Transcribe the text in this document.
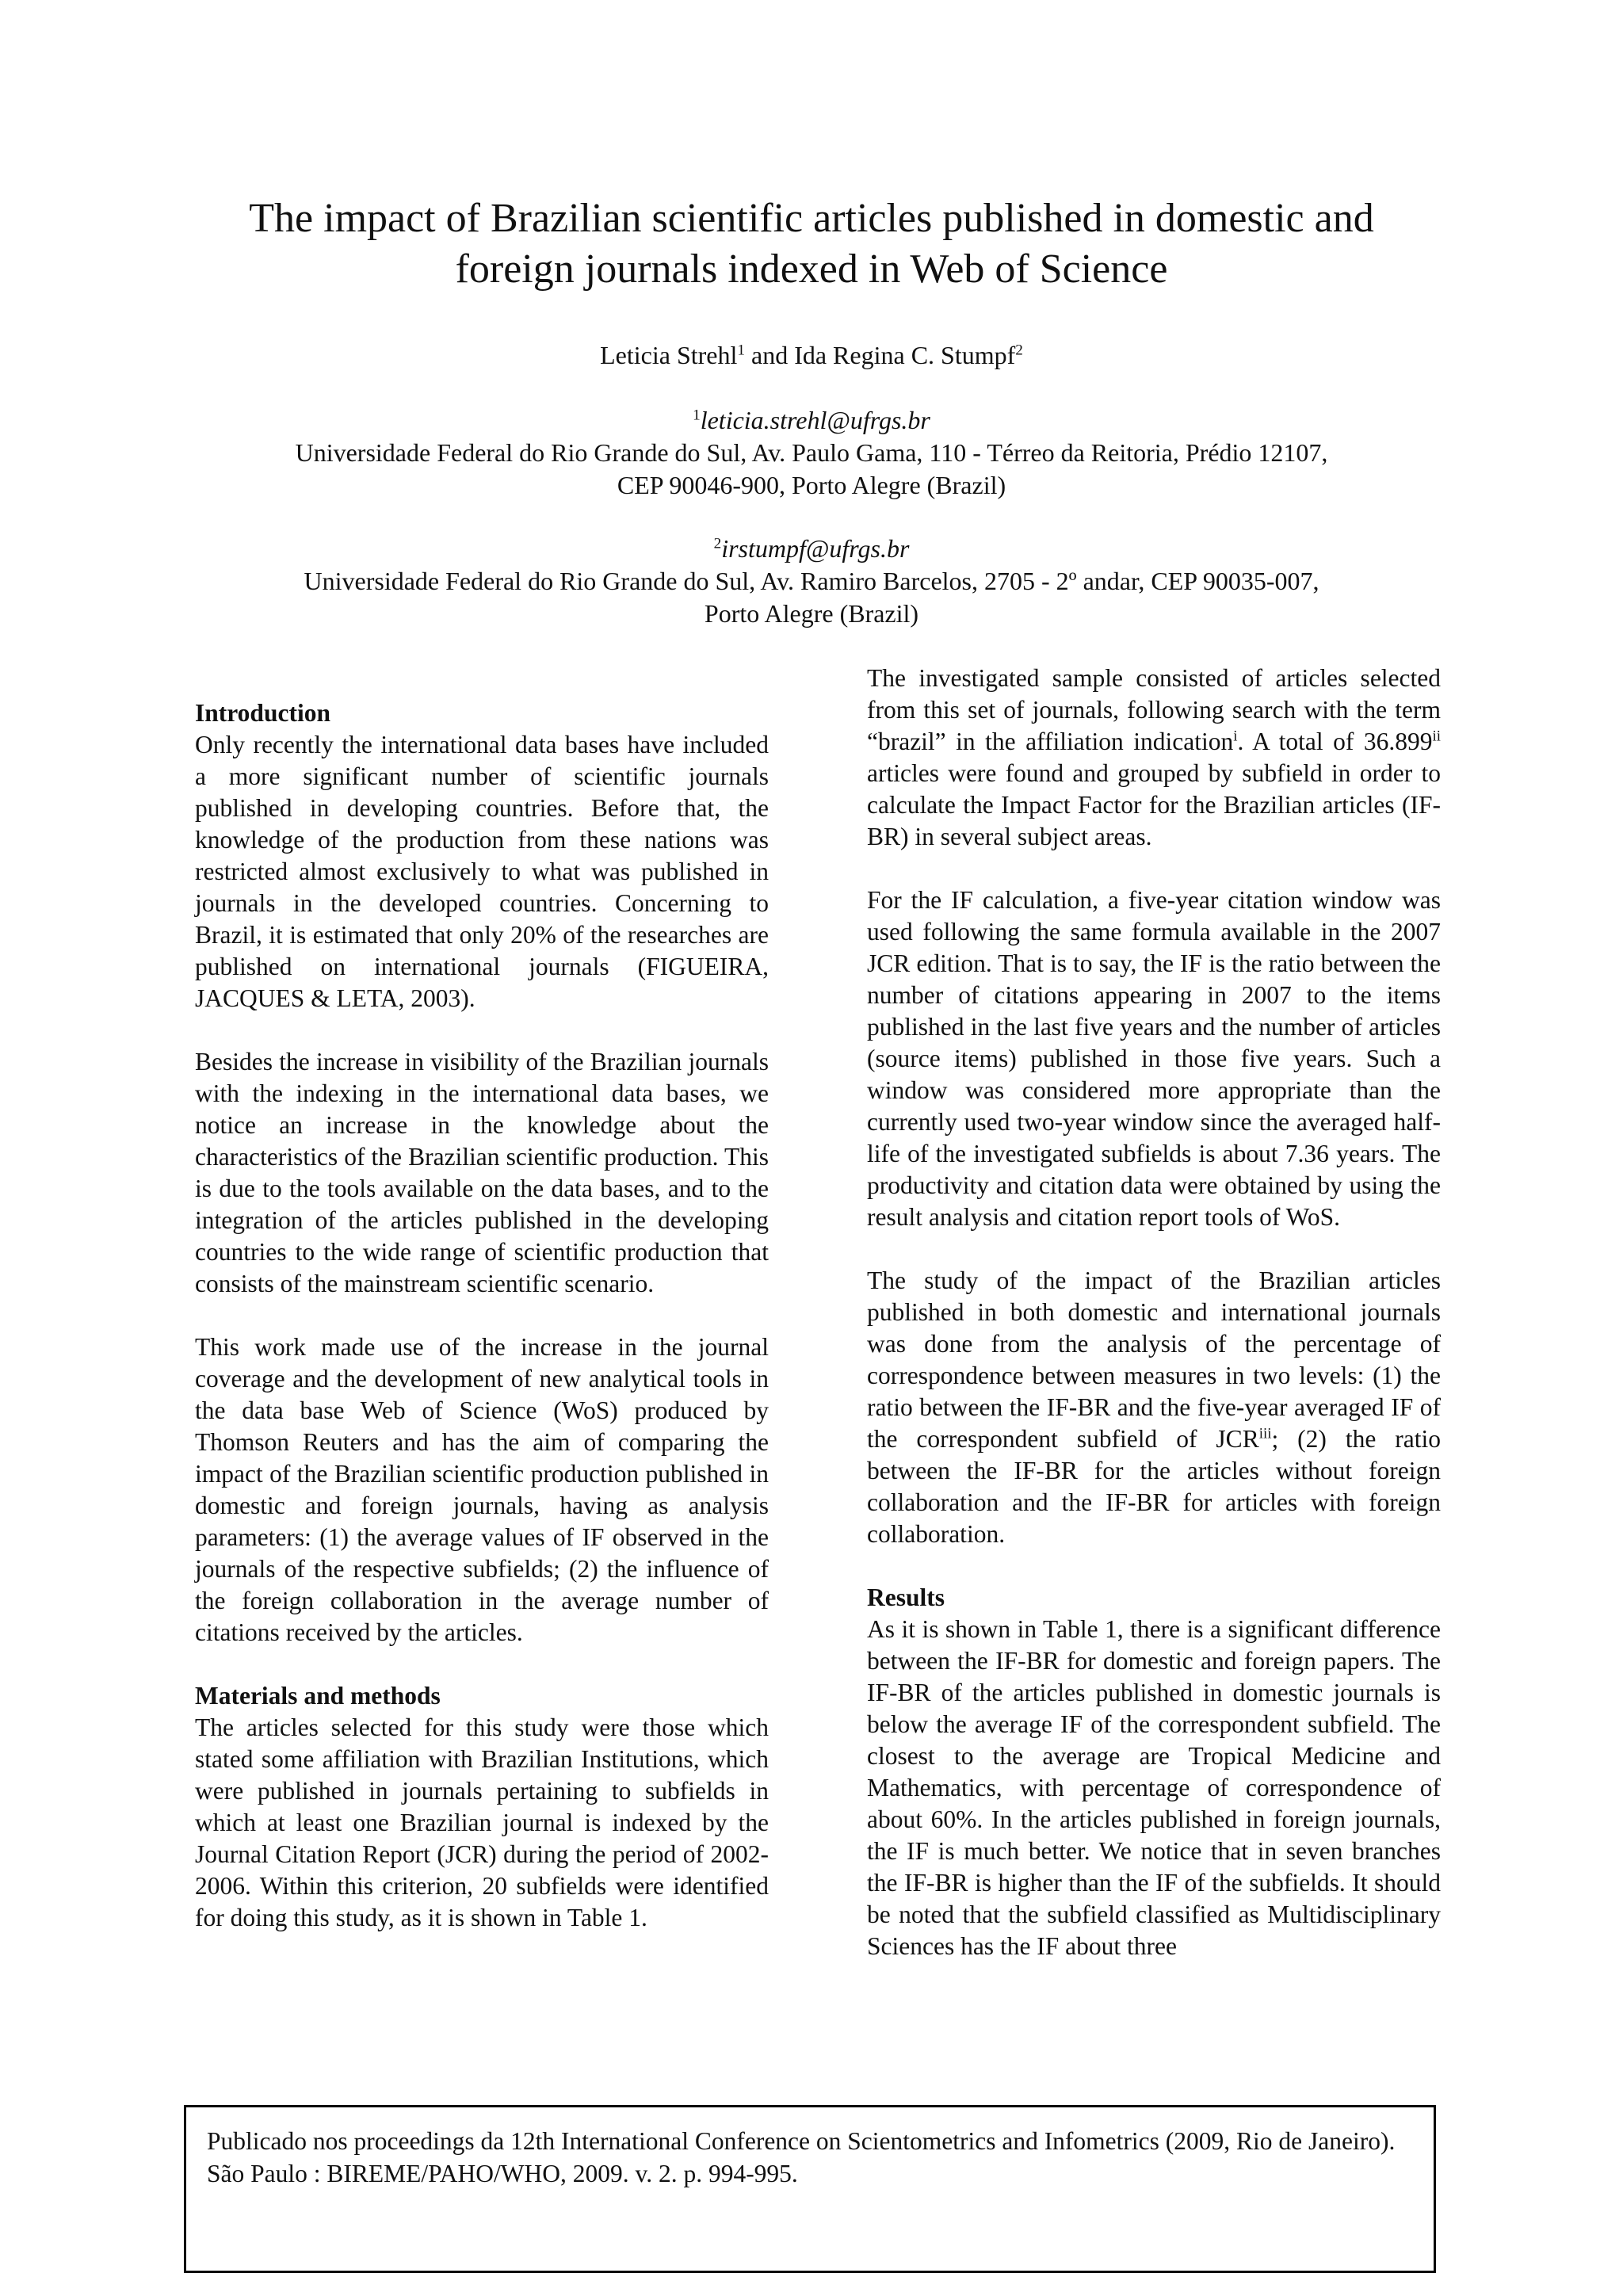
The impact of Brazilian scientific articles published in domestic and
foreign journals indexed in Web of Science
Leticia Strehl$^1$ and Ida Regina C. Stumpf$^2$
$^1$leticia.strehl@ufrgs.br
Universidade Federal do Rio Grande do Sul, Av. Paulo Gama, 110 - Térreo da Reitoria, Prédio 12107,
CEP 90046-900, Porto Alegre (Brazil)
$^2$irstumpf@ufrgs.br
Universidade Federal do Rio Grande do Sul, Av. Ramiro Barcelos, 2705 - 2º andar, CEP 90035-007,
Porto Alegre (Brazil)
Introduction

Only recently the international data bases have included a more significant number of scientific journals published in developing countries. Before that, the knowledge of the production from these nations was restricted almost exclusively to what was published in journals in the developed countries. Concerning to Brazil, it is estimated that only 20% of the researches are published on international journals (FIGUEIRA, JACQUES & LETA, 2003).

Besides the increase in visibility of the Brazilian journals with the indexing in the international data bases, we notice an increase in the knowledge about the characteristics of the Brazilian scientific production. This is due to the tools available on the data bases, and to the integration of the articles published in the developing countries to the wide range of scientific production that consists of the mainstream scientific scenario.

This work made use of the increase in the journal coverage and the development of new analytical tools in the data base Web of Science (WoS) produced by Thomson Reuters and has the aim of comparing the impact of the Brazilian scientific production published in domestic and foreign journals, having as analysis parameters: (1) the average values of IF observed in the journals of the respective subfields; (2) the influence of the foreign collaboration in the average number of citations received by the articles.

Materials and methods

The articles selected for this study were those which stated some affiliation with Brazilian Institutions, which were published in journals pertaining to subfields in which at least one Brazilian journal is indexed by the Journal Citation Report (JCR) during the period of 2002-2006. Within this criterion, 20 subfields were identified for doing this study, as it is shown in Table 1.

The investigated sample consisted of articles selected from this set of journals, following search with the term “brazil” in the affiliation indication$^i$. A total of 36.899$^{ii}$ articles were found and grouped by subfield in order to calculate the Impact Factor for the Brazilian articles (IF-BR) in several subject areas.

For the IF calculation, a five-year citation window was used following the same formula available in the 2007 JCR edition. That is to say, the IF is the ratio between the number of citations appearing in 2007 to the items published in the last five years and the number of articles (source items) published in those five years. Such a window was considered more appropriate than the currently used two-year window since the averaged half-life of the investigated subfields is about 7.36 years. The productivity and citation data were obtained by using the result analysis and citation report tools of WoS.

The study of the impact of the Brazilian articles published in both domestic and international journals was done from the analysis of the percentage of correspondence between measures in two levels: (1) the ratio between the IF-BR and the five-year averaged IF of the correspondent subfield of JCR$^{iii}$; (2) the ratio between the IF-BR for the articles without foreign collaboration and the IF-BR for articles with foreign collaboration.

Results

As it is shown in Table 1, there is a significant difference between the IF-BR for domestic and foreign papers. The IF-BR of the articles published in domestic journals is below the average IF of the correspondent subfield. The closest to the average are Tropical Medicine and Mathematics, with percentage of correspondence of about 60%. In the articles published in foreign journals, the IF is much better. We notice that in seven branches the IF-BR is higher than the IF of the subfields. It should be noted that the subfield classified as Multidisciplinary Sciences has the IF about three

Publicado nos proceedings da 12th International Conference on Scientometrics and Infometrics (2009, Rio de Janeiro). São Paulo : BIREME/PAHO/WHO, 2009. v. 2. p. 994-995.
